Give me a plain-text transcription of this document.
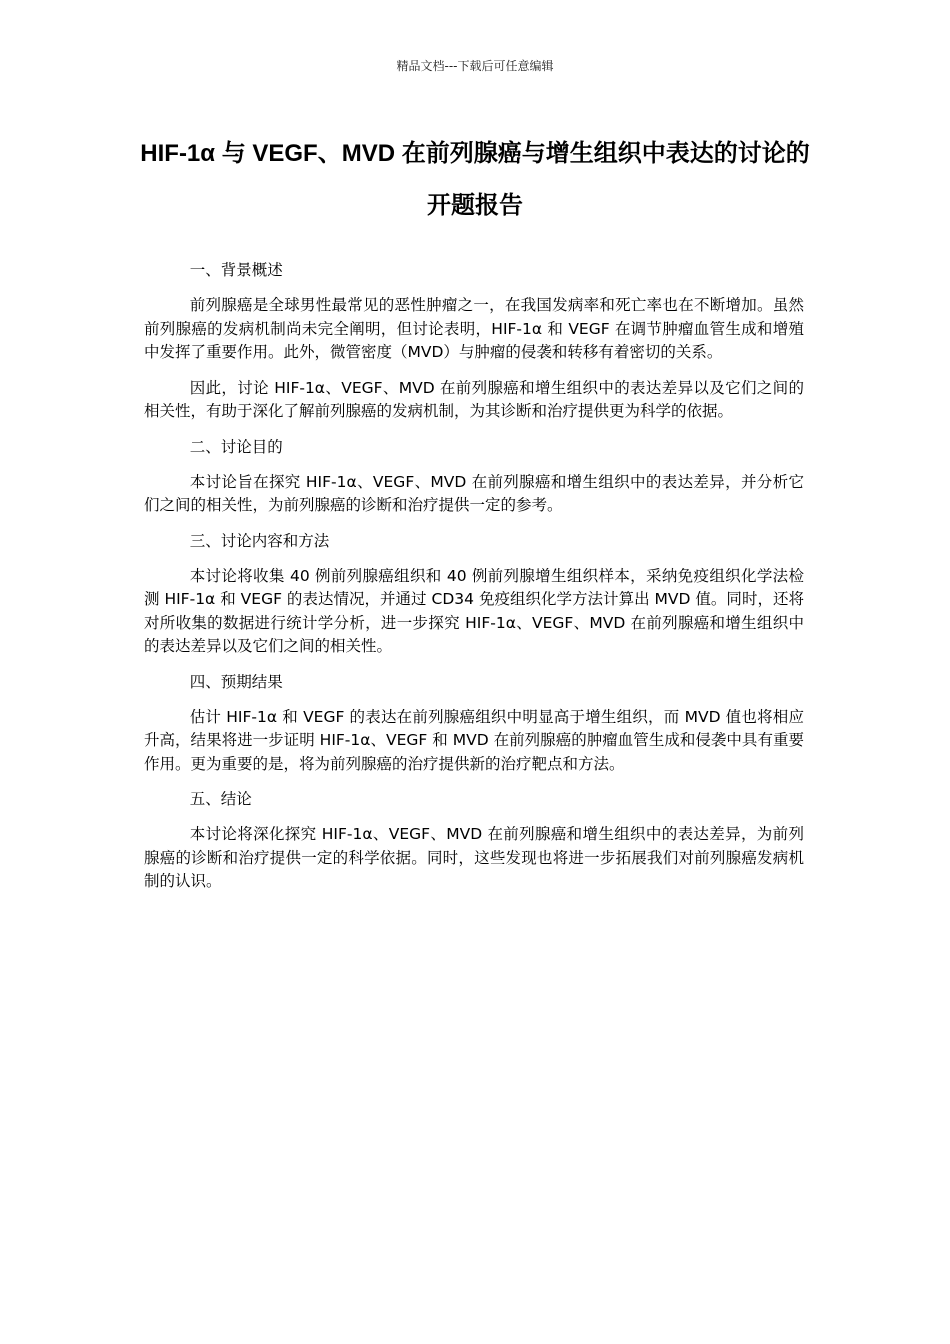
精品文档---下载后可任意编辑
HIF-1α 与 VEGF、MVD 在前列腺癌与增生组织中表达的讨论的开题报告

一、背景概述

前列腺癌是全球男性最常见的恶性肿瘤之一，在我国发病率和死亡率也在不断增加。虽然前列腺癌的发病机制尚未完全阐明，但讨论表明，HIF-1α 和 VEGF 在调节肿瘤血管生成和增殖中发挥了重要作用。此外，微管密度（MVD）与肿瘤的侵袭和转移有着密切的关系。

因此，讨论 HIF-1α、VEGF、MVD 在前列腺癌和增生组织中的表达差异以及它们之间的相关性，有助于深化了解前列腺癌的发病机制，为其诊断和治疗提供更为科学的依据。

二、讨论目的

本讨论旨在探究 HIF-1α、VEGF、MVD 在前列腺癌和增生组织中的表达差异，并分析它们之间的相关性，为前列腺癌的诊断和治疗提供一定的参考。

三、讨论内容和方法

本讨论将收集 40 例前列腺癌组织和 40 例前列腺增生组织样本，采纳免疫组织化学法检测 HIF-1α 和 VEGF 的表达情况，并通过 CD34 免疫组织化学方法计算出 MVD 值。同时，还将对所收集的数据进行统计学分析，进一步探究 HIF-1α、VEGF、MVD 在前列腺癌和增生组织中的表达差异以及它们之间的相关性。

四、预期结果

估计 HIF-1α 和 VEGF 的表达在前列腺癌组织中明显高于增生组织，而 MVD 值也将相应升高，结果将进一步证明 HIF-1α、VEGF 和 MVD 在前列腺癌的肿瘤血管生成和侵袭中具有重要作用。更为重要的是，将为前列腺癌的治疗提供新的治疗靶点和方法。

五、结论

本讨论将深化探究 HIF-1α、VEGF、MVD 在前列腺癌和增生组织中的表达差异，为前列腺癌的诊断和治疗提供一定的科学依据。同时，这些发现也将进一步拓展我们对前列腺癌发病机制的认识。
